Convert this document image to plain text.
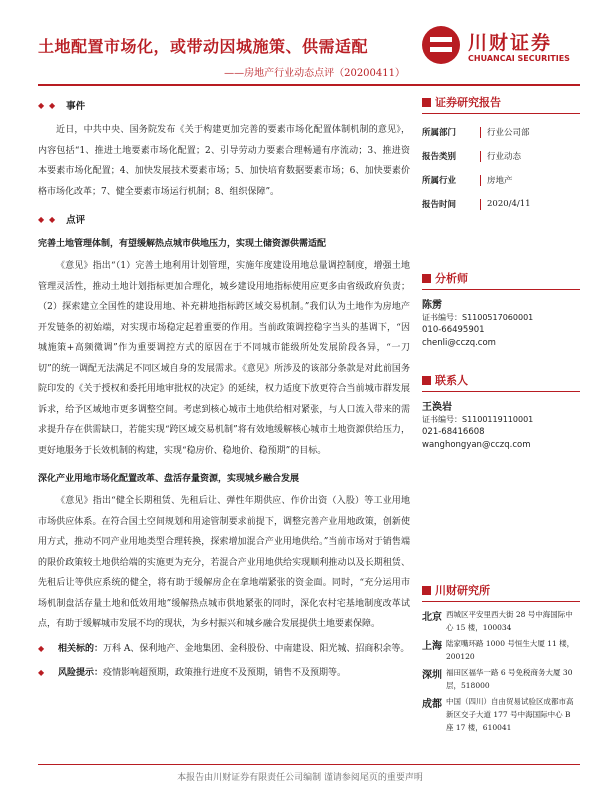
土地配置市场化，或带动因城施策、供需适配
——房地产行业动态点评（20200411）
川财证券
CHUANCAI SECURITIES
◆ ◆ 事件
近日，中共中央、国务院发布《关于构建更加完善的要素市场化配置体制机制的意见》，内容包括“1、推进土地要素市场化配置；2、引导劳动力要素合理畅通有序流动；3、推进资本要素市场化配置；4、加快发展技术要素市场；5、加快培育数据要素市场；6、加快要素价格市场化改革；7、健全要素市场运行机制；8、组织保障”。
◆ ◆ 点评
完善土地管理体制，有望缓解热点城市供地压力，实现土储资源供需适配
《意见》指出“（1）完善土地利用计划管理，实施年度建设用地总量调控制度，增强土地管理灵活性，推动土地计划指标更加合理化，城乡建设用地指标使用应更多由省级政府负责；（2）探索建立全国性的建设用地、补充耕地指标跨区域交易机制。”我们认为土地作为房地产开发链条的初始端，对实现市场稳定起着重要的作用。当前政策调控稳字当头的基调下，“因城施策+高频微调”作为重要调控方式的原因在于不同城市能级所处发展阶段各异，“一刀切”的统一调配无法满足不同区域自身的发展需求。《意见》所涉及的该部分条款是对此前国务院印发的《关于授权和委托用地审批权的决定》的延续，权力适度下放更符合当前城市群发展诉求，给予区域地市更多调整空间。考虑到核心城市土地供给相对紧张，与人口流入带来的需求提升存在供需缺口，若能实现“跨区域交易机制”将有效地缓解核心城市土地资源供给压力，更好地服务于长效机制的构建，实现“稳房价、稳地价、稳预期”的目标。
深化产业用地市场化配置改革、盘活存量资源，实现城乡融合发展
《意见》指出“健全长期租赁、先租后让、弹性年期供应、作价出资（入股）等工业用地市场供应体系。在符合国土空间规划和用途管制要求前提下，调整完善产业用地政策，创新使用方式，推动不同产业用地类型合理转换，探索增加混合产业用地供给。”当前市场对于销售端的限价政策较土地供给端的实施更为充分，若混合产业用地供给实现顺利推动以及长期租赁、先租后让等供应系统的健全，将有助于缓解房企在拿地端紧张的资金面。同时，“充分运用市场机制盘活存量土地和低效用地”缓解热点城市供地紧张的同时，深化农村宅基地制度改革试点，有助于缓解城市发展不均的现状，为乡村振兴和城乡融合发展提供土地要素保障。
◆ 相关标的：万科 A、保利地产、金地集团、金科股份、中南建设、阳光城、招商积余等。
◆ 风险提示：疫情影响超预期，政策推行进度不及预期，销售不及预期等。
证券研究报告
所属部门	行业公司部
报告类别	行业动态
所属行业	房地产
报告时间	2020/4/11
分析师
陈雳
证书编号：S1100517060001
010-66495901
chenli@cczq.com
联系人
王涣岩
证书编号：S1100119110001
021-68416608
wanghongyan@cczq.com
川财研究所
北京 西城区平安里西大街 28 号中海国际中心 15 楼，100034
上海 陆家嘴环路 1000 号恒生大厦 11 楼，200120
深圳 福田区福华一路 6 号免税商务大厦 30 层，518000
成都 中国（四川）自由贸易试验区成都市高新区交子大道 177 号中海国际中心 B 座 17 楼，610041
本报告由川财证券有限责任公司编制 谨请参阅尾页的重要声明
